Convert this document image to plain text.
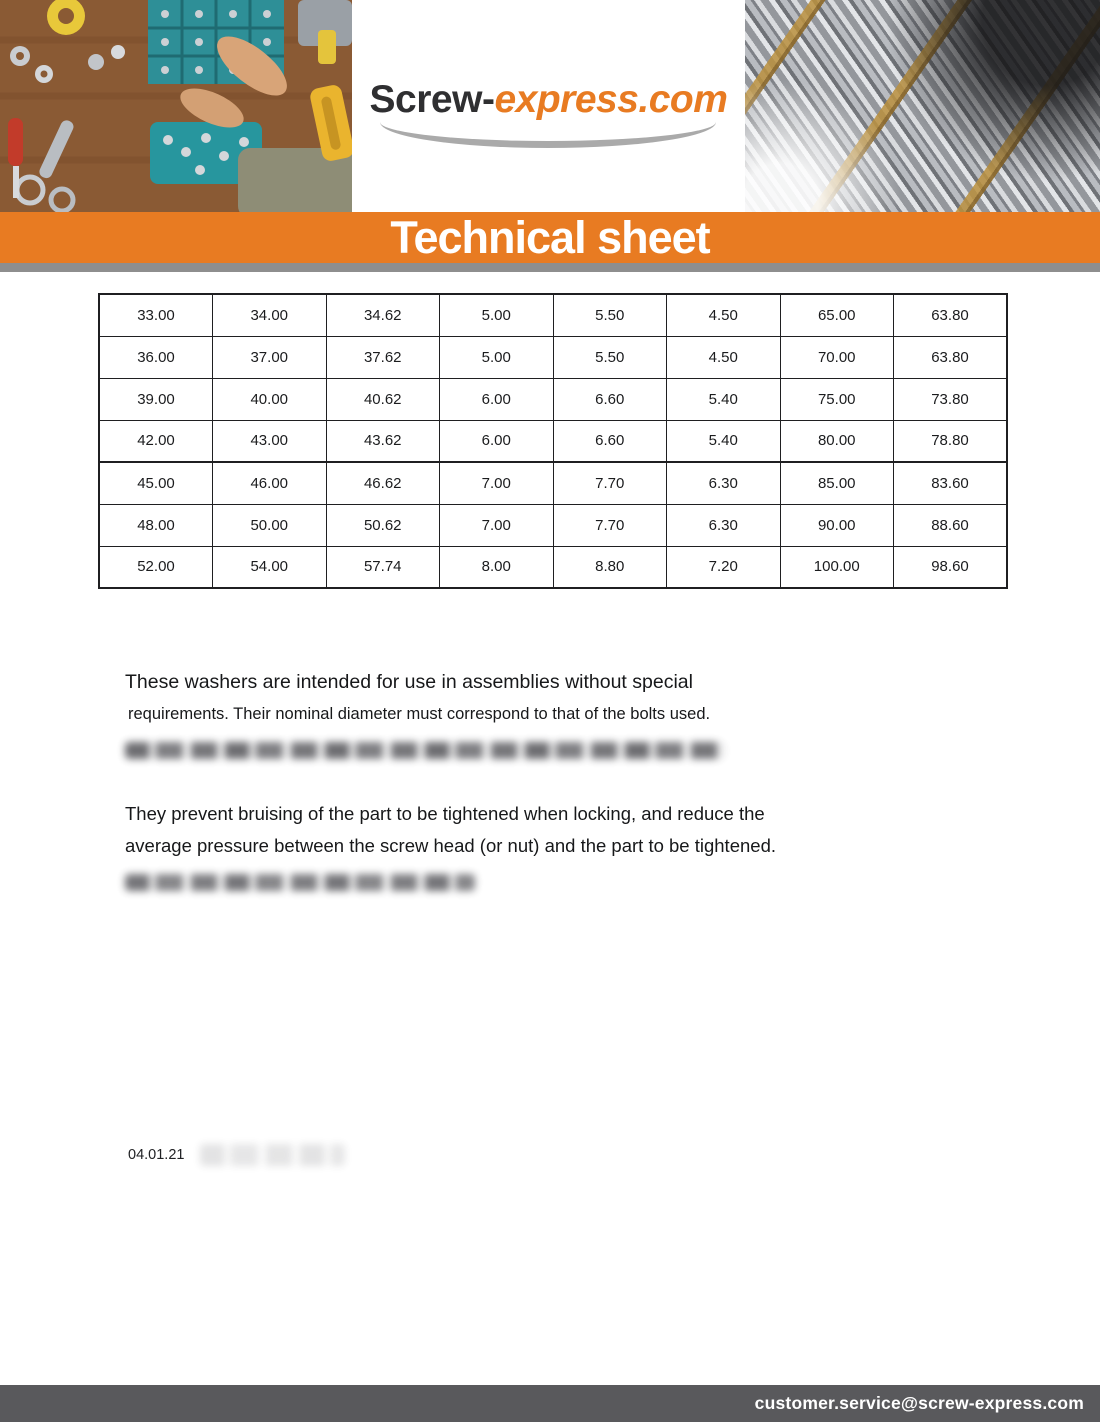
Screw-express.com
Technical sheet
33.00	34.00	34.62	5.00	5.50	4.50	65.00	63.80
36.00	37.00	37.62	5.00	5.50	4.50	70.00	63.80
39.00	40.00	40.62	6.00	6.60	5.40	75.00	73.80
42.00	43.00	43.62	6.00	6.60	5.40	80.00	78.80
45.00	46.00	46.62	7.00	7.70	6.30	85.00	83.60
48.00	50.00	50.62	7.00	7.70	6.30	90.00	88.60
52.00	54.00	57.74	8.00	8.80	7.20	100.00	98.60

These washers are intended for use in assemblies without special

requirements. Their nominal diameter must correspond to that of the bolts used.

They prevent bruising of the part to be tightened when locking, and reduce the

average pressure between the screw head (or nut) and the part to be tightened.

04.01.21
customer.service@screw-express.com
